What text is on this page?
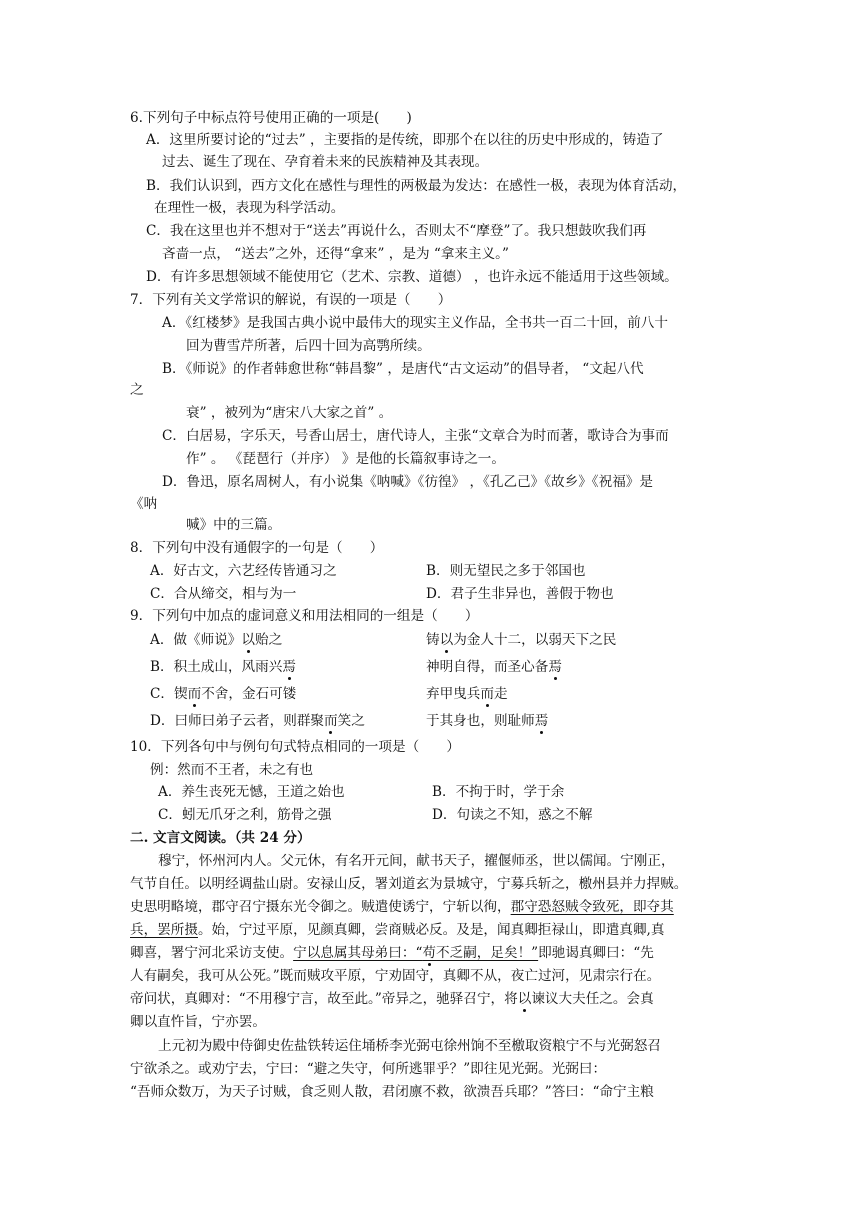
6.下列句子中标点符号使用正确的一项是(　　)
A．这里所要讨论的“过去” ，主要指的是传统，即那个在以往的历史中形成的，铸造了
过去、诞生了现在、孕育着未来的民族精神及其表现。
B．我们认识到，西方文化在感性与理性的两极最为发达：在感性一极，表现为体育活动，
在理性一极，表现为科学活动。
C．我在这里也并不想对于“送去”再说什么，否则太不“摩登”了。我只想鼓吹我们再
吝啬一点， “送去”之外，还得“拿来” ，是为 “拿来主义。”
D．有许多思想领域不能使用它（艺术、宗教、道德） ，也许永远不能适用于这些领域。
7．下列有关文学常识的解说，有误的一项是（　　）
A．《红楼梦》是我国古典小说中最伟大的现实主义作品，全书共一百二十回，前八十
回为曹雪芹所著，后四十回为高鹗所续。
B．《师说》的作者韩愈世称“韩昌黎” ，是唐代“古文运动”的倡导者， “文起八代
之
衰” ，被列为“唐宋八大家之首” 。
C．白居易，字乐天，号香山居士，唐代诗人，主张“文章合为时而著，歌诗合为事而
作” 。 《琵琶行（并序） 》是他的长篇叙事诗之一。
D．鲁迅，原名周树人，有小说集《呐喊》《彷徨》 ，《孔乙己》《故乡》《祝福》是
《呐
喊》中的三篇。
8．下列句中没有通假字的一句是（　　）
A．好古文，六艺经传皆通习之	B．则无望民之多于邻国也
C．合从缔交，相与为一	D．君子生非异也，善假于物也
9．下列句中加点的虚词意义和用法相同的一组是（　　）
A．做《师说》以贻之	铸以为金人十二，以弱天下之民
B．积土成山，风雨兴焉	神明自得，而圣心备焉
C．锲而不舍，金石可镂	弃甲曳兵而走
D．曰师曰弟子云者，则群聚而笑之	于其身也，则耻师焉
10．下列各句中与例句句式特点相同的一项是（　　）
例：然而不王者，未之有也
A．养生丧死无憾，王道之始也	B．不拘于时，学于余
C．蚓无爪牙之利，筋骨之强	D．句读之不知，惑之不解
二. 文言文阅读。（共 24 分）
穆宁，怀州河内人。父元休，有名开元间，献书天子，擢偃师丞，世以儒闻。宁刚正，
气节自任。以明经调盐山尉。安禄山反，署刘道玄为景城守，宁募兵斩之，檄州县并力捍贼。
史思明略境，郡守召宁摄东光令御之。贼遣使诱宁，宁斩以徇，郡守恐怒贼令致死，即夺其
兵，罢所摄。始，宁过平原，见颜真卿，尝商贼必反。及是，闻真卿拒禄山，即遣真卿,真
卿喜，署宁河北采访支使。宁以息属其母弟曰：“苟不乏嗣，足矣！”即驰谒真卿曰：“先
人有嗣矣，我可从公死。”既而贼攻平原，宁劝固守，真卿不从，夜亡过河，见肃宗行在。
帝问状，真卿对：“不用穆宁言，故至此。”帝异之，驰驿召宁，将以谏议大夫任之。会真
卿以直忤旨，宁亦罢。
上元初为殿中侍御史佐盐铁转运住埇桥李光弼屯徐州饷不至檄取资粮宁不与光弼怒召
宁欲杀之。或劝宁去，宁曰：“避之失守，何所逃罪乎？”即往见光弼。光弼曰：
“吾师众数万，为天子讨贼，食乏则人散，君闭廪不救，欲溃吾兵耶？”答曰：“命宁主粮
